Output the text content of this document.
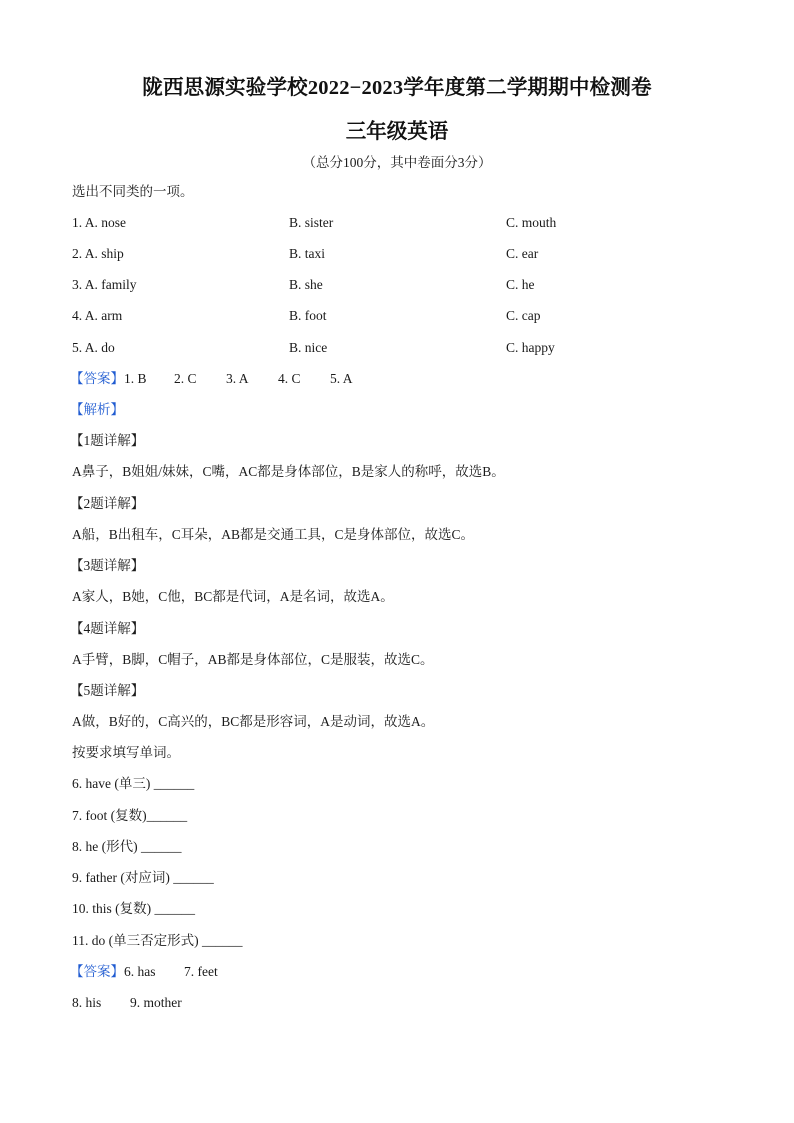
陇西思源实验学校2022−2023学年度第二学期期中检测卷
三年级英语
（总分100分，其中卷面分3分）
选出不同类的一项。
1. A. nose	B. sister	C. mouth
2. A. ship	B. taxi	C. ear
3. A. family	B. she	C. he
4. A. arm	B. foot	C. cap
5. A. do	B. nice	C. happy
【答案】1. B 2. C 3. A 4. C 5. A
【解析】
【1题详解】
A鼻子，B姐姐/妹妹，C嘴，AC都是身体部位，B是家人的称呼，故选B。
【2题详解】
A船，B出租车，C耳朵，AB都是交通工具，C是身体部位，故选C。
【3题详解】
A家人，B她，C他，BC都是代词，A是名词，故选A。
【4题详解】
A手臂，B脚，C帽子，AB都是身体部位，C是服装，故选C。
【5题详解】
A做，B好的，C高兴的，BC都是形容词，A是动词，故选A。
按要求填写单词。
6. have (单三) ______
7. foot (复数)______
8. he (形代) ______
9. father (对应词) ______
10. this (复数) ______
11. do (单三否定形式) ______
【答案】6. has 7. feet
8. his 9. mother
